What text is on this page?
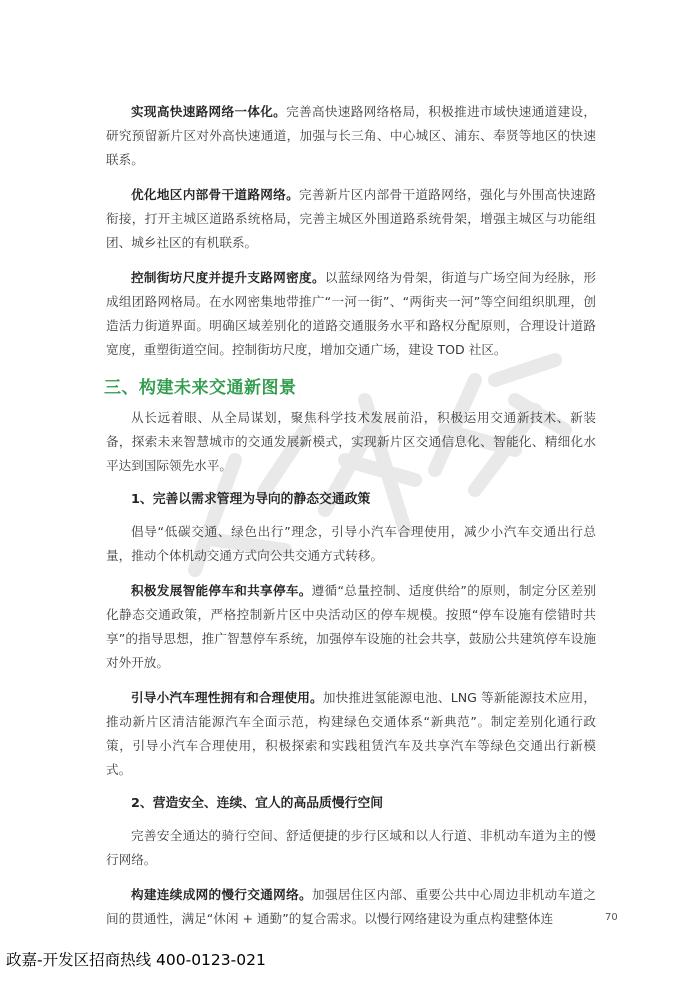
实现高快速路网络一体化。完善高快速路网络格局，积极推进市域快速通道建设，研究预留新片区对外高快速通道，加强与长三角、中心城区、浦东、奉贤等地区的快速联系。

优化地区内部骨干道路网络。完善新片区内部骨干道路网络，强化与外围高快速路衔接，打开主城区道路系统格局，完善主城区外围道路系统骨架，增强主城区与功能组团、城乡社区的有机联系。

控制街坊尺度并提升支路网密度。以蓝绿网络为骨架，街道与广场空间为经脉，形成组团路网格局。在水网密集地带推广“一河一街”、“两街夹一河”等空间组织肌理，创造活力街道界面。明确区域差别化的道路交通服务水平和路权分配原则，合理设计道路宽度，重塑街道空间。控制街坊尺度，增加交通广场，建设 TOD 社区。

三、构建未来交通新图景

从长远着眼、从全局谋划，聚焦科学技术发展前沿，积极运用交通新技术、新装备，探索未来智慧城市的交通发展新模式，实现新片区交通信息化、智能化、精细化水平达到国际领先水平。

1、完善以需求管理为导向的静态交通政策

倡导“低碳交通、绿色出行”理念，引导小汽车合理使用，减少小汽车交通出行总量，推动个体机动交通方式向公共交通方式转移。

积极发展智能停车和共享停车。遵循“总量控制、适度供给”的原则，制定分区差别化静态交通政策，严格控制新片区中央活动区的停车规模。按照“停车设施有偿错时共享”的指导思想，推广智慧停车系统，加强停车设施的社会共享，鼓励公共建筑停车设施对外开放。

引导小汽车理性拥有和合理使用。加快推进氢能源电池、LNG 等新能源技术应用，推动新片区清洁能源汽车全面示范，构建绿色交通体系“新典范”。制定差别化通行政策，引导小汽车合理使用，积极探索和实践租赁汽车及共享汽车等绿色交通出行新模式。

2、营造安全、连续、宜人的高品质慢行空间

完善安全通达的骑行空间、舒适便捷的步行区域和以人行道、非机动车道为主的慢行网络。

构建连续成网的慢行交通网络。加强居住区内部、重要公共中心周边非机动车道之间的贯通性，满足“休闲 + 通勤”的复合需求。以慢行网络建设为重点构建整体连	70
政嘉-开发区招商热线 400-0123-021
